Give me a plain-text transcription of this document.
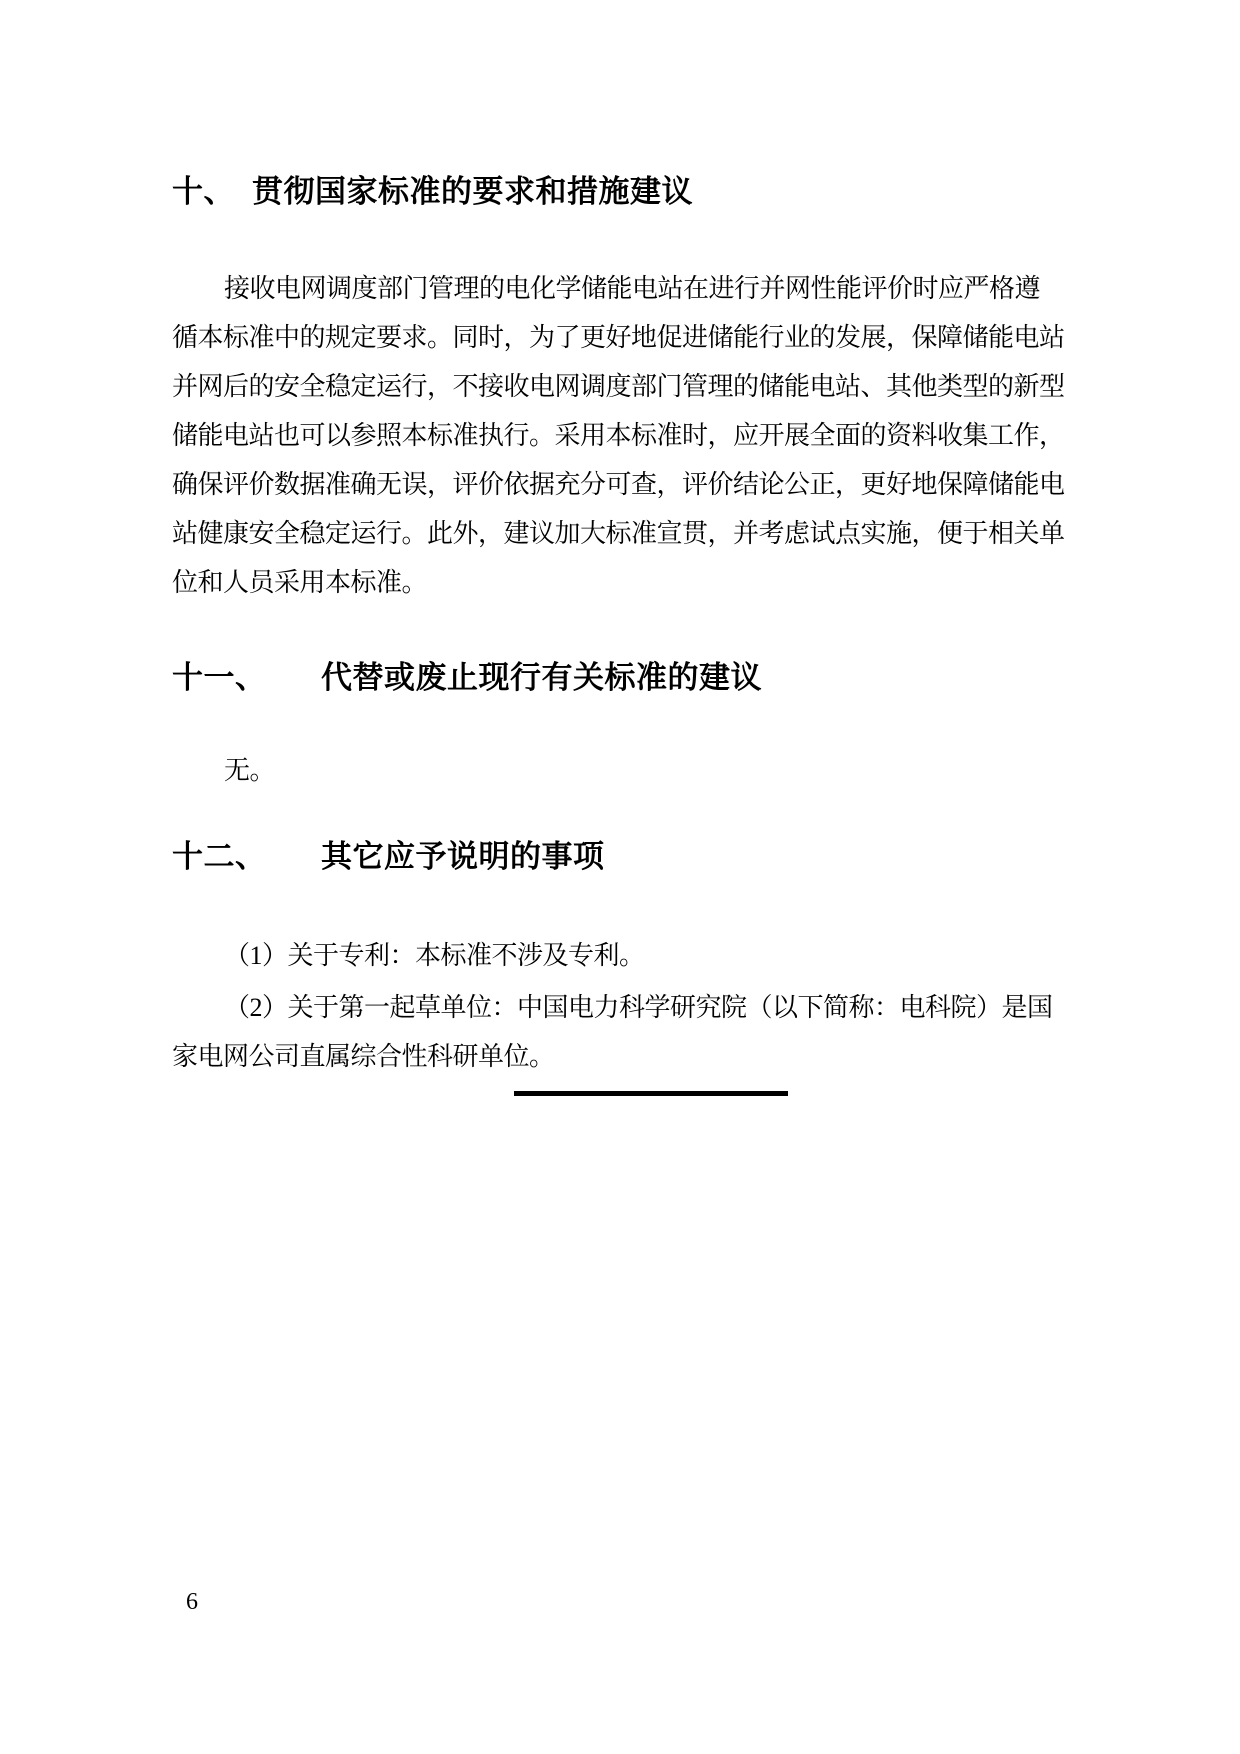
十、 贯彻国家标准的要求和措施建议
接收电网调度部门管理的电化学储能电站在进行并网性能评价时应严格遵
循本标准中的规定要求。同时，为了更好地促进储能行业的发展，保障储能电站
并网后的安全稳定运行，不接收电网调度部门管理的储能电站、其他类型的新型
储能电站也可以参照本标准执行。采用本标准时，应开展全面的资料收集工作，
确保评价数据准确无误，评价依据充分可查，评价结论公正，更好地保障储能电
站健康安全稳定运行。此外，建议加大标准宣贯，并考虑试点实施，便于相关单
位和人员采用本标准。
十一、 代替或废止现行有关标准的建议
无。
十二、 其它应予说明的事项
（1）关于专利：本标准不涉及专利。
（2）关于第一起草单位：中国电力科学研究院（以下简称：电科院）是国
家电网公司直属综合性科研单位。
6
